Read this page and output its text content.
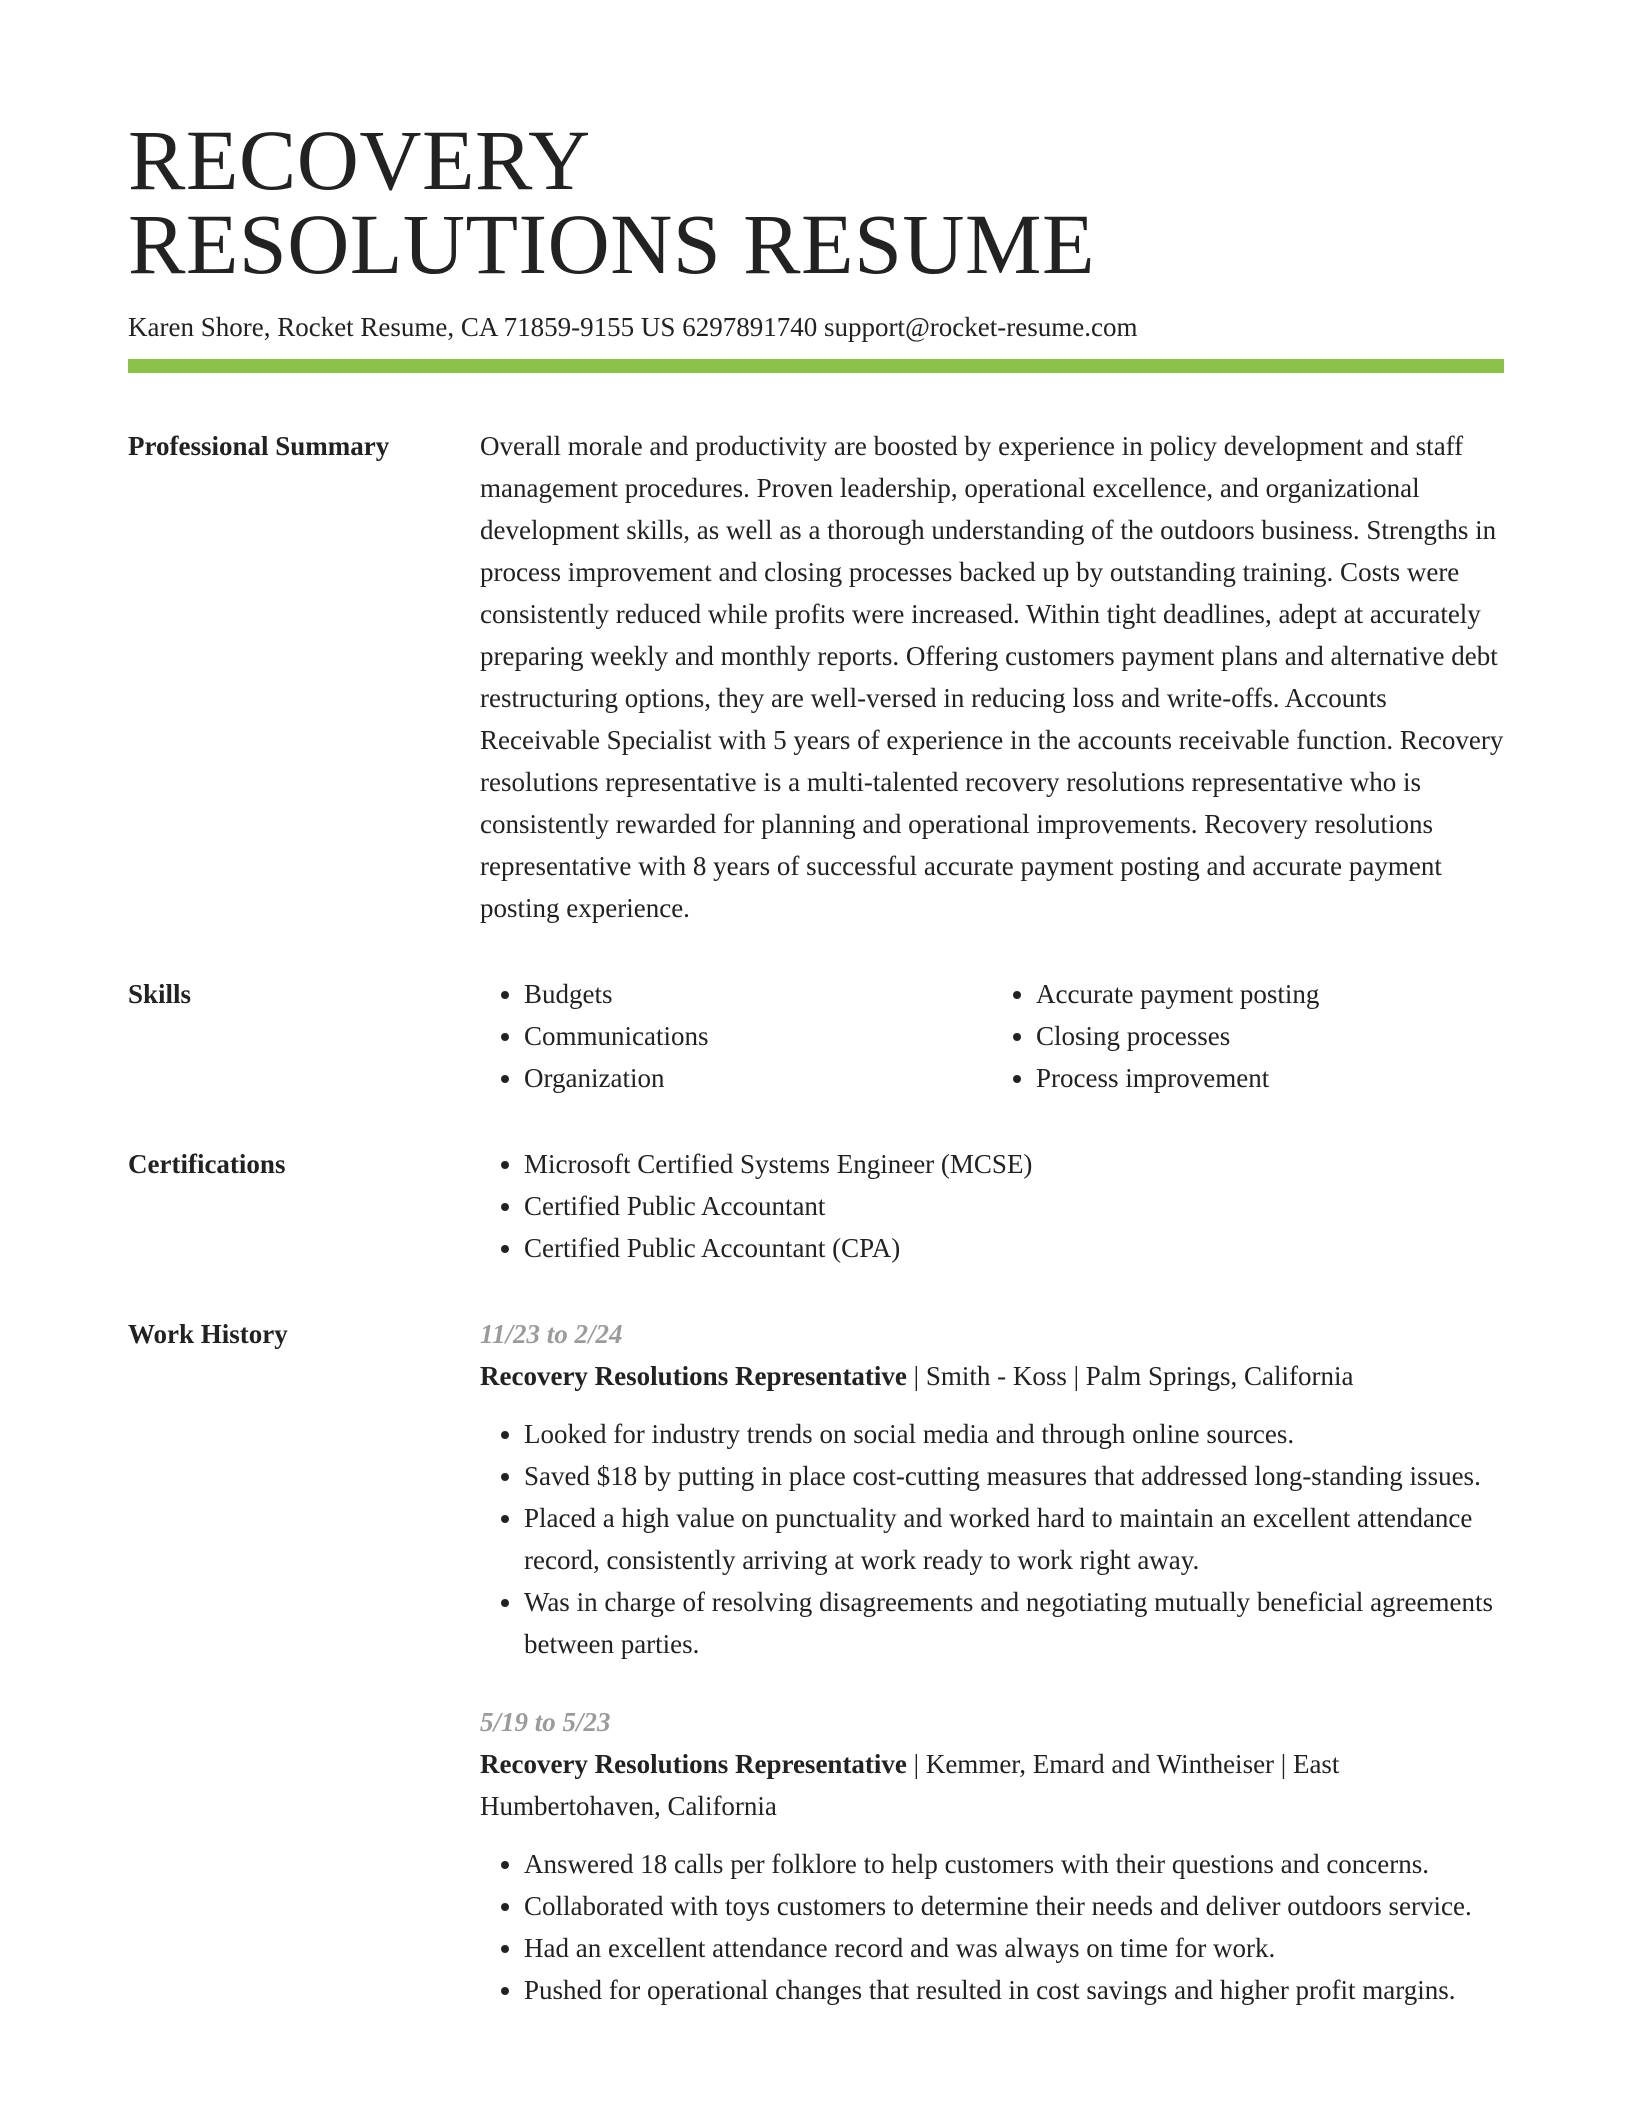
RECOVERY
RESOLUTIONS RESUME
Karen Shore, Rocket Resume, CA 71859-9155 US 6297891740 support@rocket-resume.com
Professional Summary	Overall morale and productivity are boosted by experience in policy development and staff management procedures. Proven leadership, operational excellence, and organizational development skills, as well as a thorough understanding of the outdoors business. Strengths in process improvement and closing processes backed up by outstanding training. Costs were consistently reduced while profits were increased. Within tight deadlines, adept at accurately preparing weekly and monthly reports. Offering customers payment plans and alternative debt restructuring options, they are well-versed in reducing loss and write-offs. Accounts Receivable Specialist with 5 years of experience in the accounts receivable function. Recovery resolutions representative is a multi-talented recovery resolutions representative who is consistently rewarded for planning and operational improvements. Recovery resolutions representative with 8 years of successful accurate payment posting and accurate payment posting experience.

Skills	• Budgets
• Communications
• Organization
• Accurate payment posting
• Closing processes
• Process improvement
Certifications	• Microsoft Certified Systems Engineer (MCSE)
• Certified Public Accountant
• Certified Public Accountant (CPA)
Work History	11/23 to 2/24
Recovery Resolutions Representative | Smith - Koss | Palm Springs, California
• Looked for industry trends on social media and through online sources.
• Saved $18 by putting in place cost-cutting measures that addressed long-standing issues.
• Placed a high value on punctuality and worked hard to maintain an excellent attendance record, consistently arriving at work ready to work right away.
• Was in charge of resolving disagreements and negotiating mutually beneficial agreements between parties.
5/19 to 5/23
Recovery Resolutions Representative | Kemmer, Emard and Wintheiser | East Humbertohaven, California
• Answered 18 calls per folklore to help customers with their questions and concerns.
• Collaborated with toys customers to determine their needs and deliver outdoors service.
• Had an excellent attendance record and was always on time for work.
• Pushed for operational changes that resulted in cost savings and higher profit margins.
